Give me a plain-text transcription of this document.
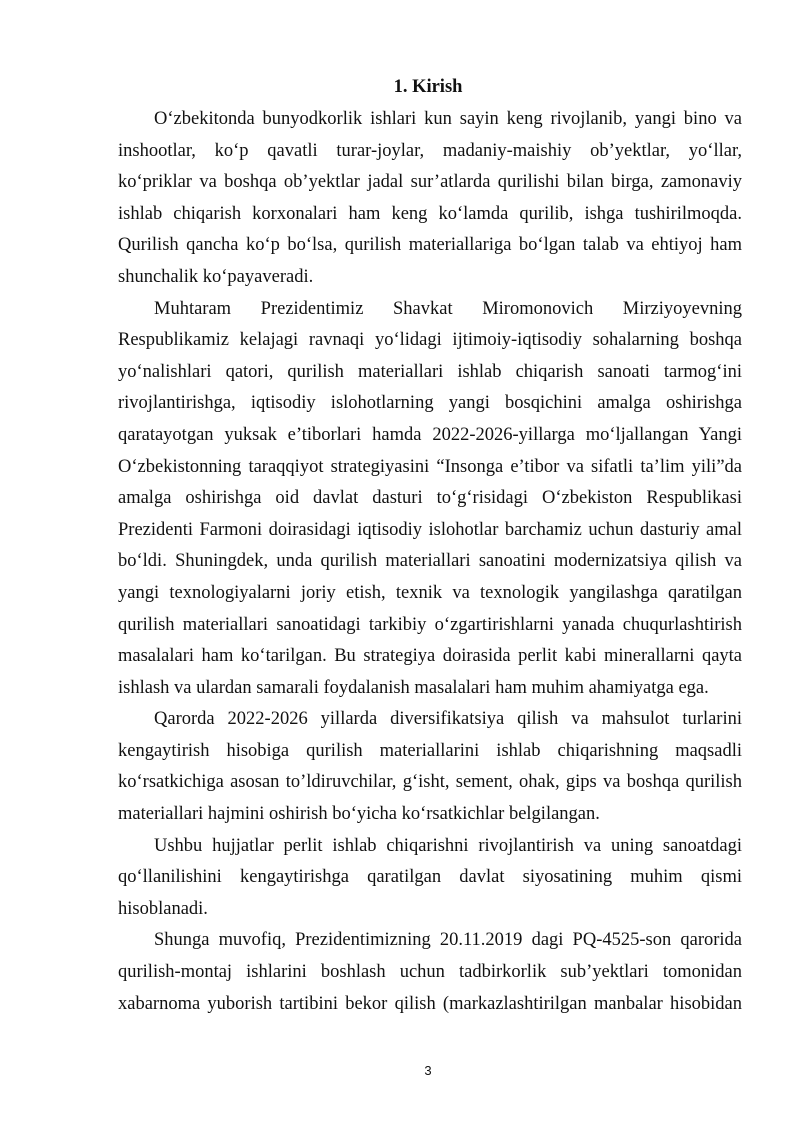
1. Kirish
O‘zbekitonda bunyodkorlik ishlari kun sayin keng rivojlanib, yangi bino va
inshootlar, ko‘p qavatli turar-joylar, madaniy-maishiy ob’yektlar, yo‘llar,
ko‘priklar va boshqa ob’yektlar jadal sur’atlarda qurilishi bilan birga, zamonaviy
ishlab chiqarish korxonalari ham keng ko‘lamda qurilib, ishga tushirilmoqda.
Qurilish qancha ko‘p bo‘lsa, qurilish materiallariga bo‘lgan talab va ehtiyoj ham
shunchalik ko‘payaveradi.
Muhtaram Prezidentimiz Shavkat Miromonovich Mirziyoyevning
Respublikamiz kelajagi ravnaqi yo‘lidagi ijtimoiy-iqtisodiy sohalarning boshqa
yo‘nalishlari qatori, qurilish materiallari ishlab chiqarish sanoati tarmog‘ini
rivojlantirishga, iqtisodiy islohotlarning yangi bosqichini amalga oshirishga
qaratayotgan yuksak e’tiborlari hamda 2022-2026-yillarga mo‘ljallangan Yangi
O‘zbekistonning taraqqiyot strategiyasini “Insonga e’tibor va sifatli ta’lim yili”da
amalga oshirishga oid davlat dasturi to‘g‘risidagi O‘zbekiston Respublikasi
Prezidenti Farmoni doirasidagi iqtisodiy islohotlar barchamiz uchun dasturiy amal
bo‘ldi. Shuningdek, unda qurilish materiallari sanoatini modernizatsiya qilish va
yangi texnologiyalarni joriy etish, texnik va texnologik yangilashga qaratilgan
qurilish materiallari sanoatidagi tarkibiy o‘zgartirishlarni yanada chuqurlashtirish
masalalari ham ko‘tarilgan. Bu strategiya doirasida perlit kabi minerallarni qayta
ishlash va ulardan samarali foydalanish masalalari ham muhim ahamiyatga ega.
Qarorda 2022-2026 yillarda diversifikatsiya qilish va mahsulot turlarini
kengaytirish hisobiga qurilish materiallarini ishlab chiqarishning maqsadli
ko‘rsatkichiga asosan to’ldiruvchilar, g‘isht, sement, ohak, gips va boshqa qurilish
materiallari hajmini oshirish bo‘yicha ko‘rsatkichlar belgilangan.
Ushbu hujjatlar perlit ishlab chiqarishni rivojlantirish va uning sanoatdagi
qo‘llanilishini kengaytirishga qaratilgan davlat siyosatining muhim qismi
hisoblanadi.
Shunga muvofiq, Prezidentimizning 20.11.2019 dagi PQ-4525-son qarorida
qurilish-montaj ishlarini boshlash uchun tadbirkorlik sub’yektlari tomonidan
xabarnoma yuborish tartibini bekor qilish (markazlashtirilgan manbalar hisobidan
3
